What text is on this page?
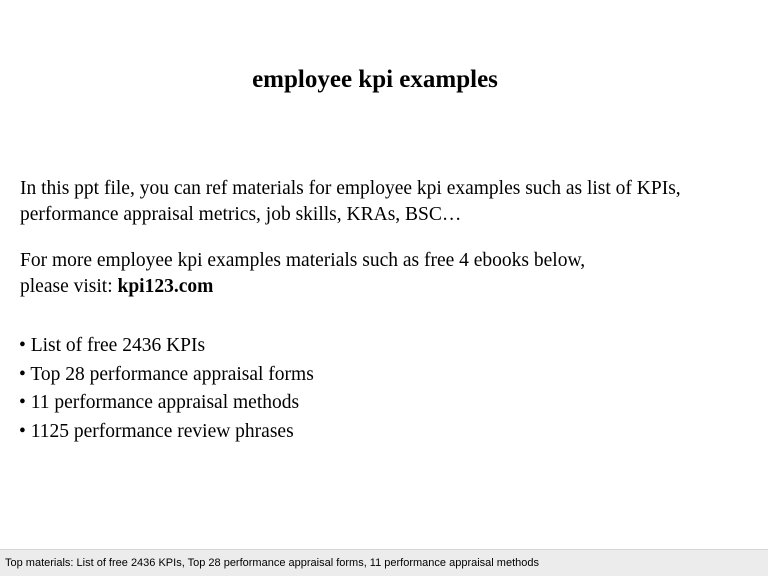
employee kpi examples

In this ppt file, you can ref materials for employee kpi examples such as list of KPIs,
performance appraisal metrics, job skills, KRAs, BSC…

For more employee kpi examples materials such as free 4 ebooks below,
please visit: kpi123.com

• List of free 2436 KPIs
• Top 28 performance appraisal forms
• 11 performance appraisal methods
• 1125 performance review phrases
Top materials: List of free 2436 KPIs, Top 28 performance appraisal forms, 11 performance appraisal methods
